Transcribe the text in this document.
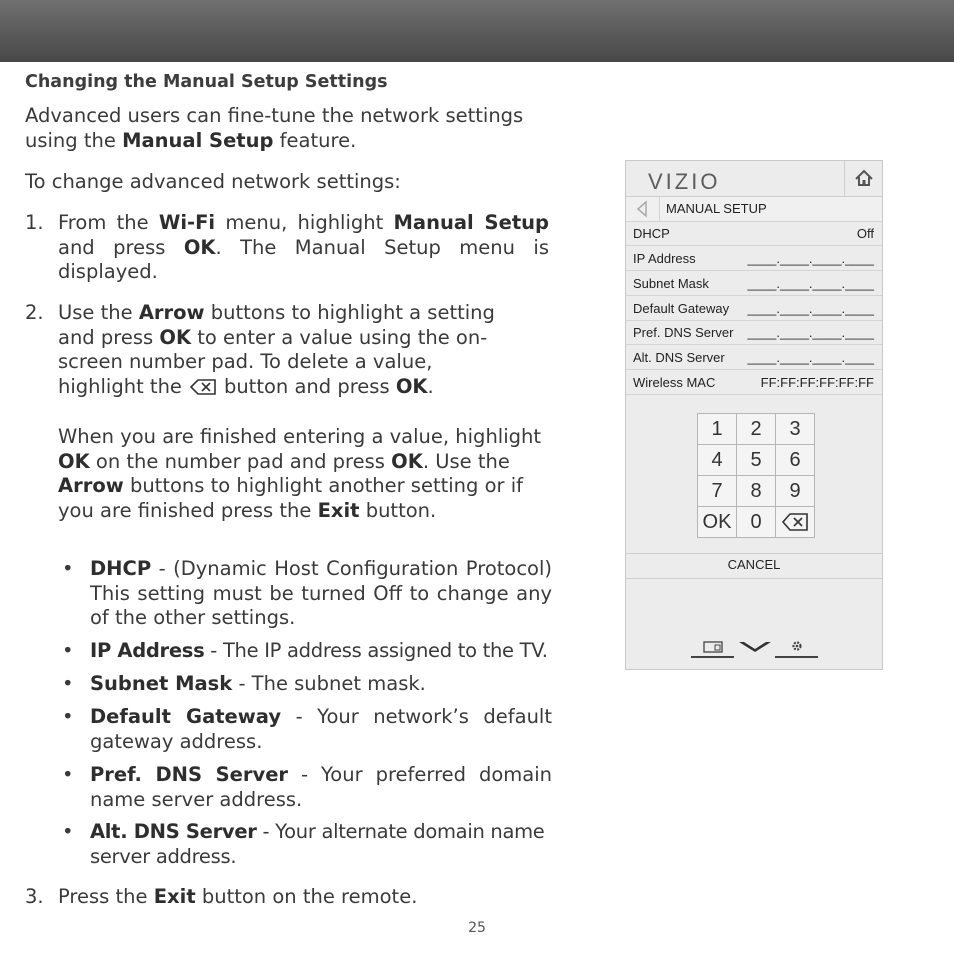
Changing the Manual Setup Settings
Advanced users can fine-tune the network settings using the Manual Setup feature.
To change advanced network settings:
1. From the Wi-Fi menu, highlight Manual Setup and press OK. The Manual Setup menu is displayed.
2. Use the Arrow buttons to highlight a setting and press OK to enter a value using the on-screen number pad. To delete a value, highlight the button and press OK.
When you are finished entering a value, highlight OK on the number pad and press OK. Use the Arrow buttons to highlight another setting or if you are finished press the Exit button.
• DHCP - (Dynamic Host Configuration Protocol) This setting must be turned Off to change any of the other settings.
• IP Address - The IP address assigned to the TV.
• Subnet Mask - The subnet mask.
• Default Gateway - Your network’s default gateway address.
• Pref. DNS Server - Your preferred domain name server address.
• Alt. DNS Server - Your alternate domain name server address.
3. Press the Exit button on the remote.
25
VIZIO
MANUAL SETUP
DHCP	Off
IP Address	____.____.____.____
Subnet Mask	____.____.____.____
Default Gateway ____.____.____.____
Pref. DNS Server ____.____.____.____
Alt. DNS Server ____.____.____.____
Wireless MAC	FF:FF:FF:FF:FF:FF
1	2	3
4	5	6
7	8	9
OK	0	
CANCEL
